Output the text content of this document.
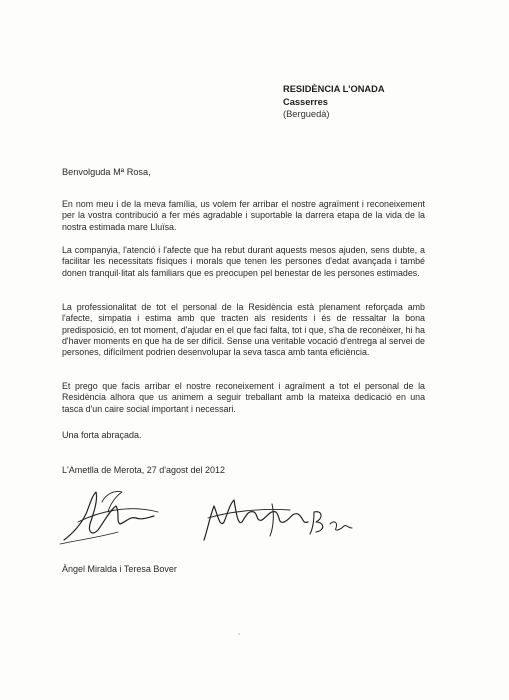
RESIDÈNCIA L'ONADA
Casserres
(Berguedà)
Benvolguda Mª Rosa,
En nom meu i de la meva família, us volem fer arribar el nostre agraïment i reconeixement per la vostra contribució a fer més agradable i suportable la darrera etapa de la vida de la nostra estimada mare Lluïsa.
La companyia, l'atenció i l'afecte que ha rebut durant aquests mesos ajuden, sens dubte, a facilitar les necessitats físiques i morals que tenen les persones d'edat avançada i també donen tranquil·litat als familiars que es preocupen pel benestar de les persones estimades.
La professionalitat de tot el personal de la Residència està plenament reforçada amb l'afecte, simpatia i estima amb que tracten als residents i és de ressaltar la bona predisposició, en tot moment, d'ajudar en el que faci falta, tot i que, s'ha de reconèixer, hi ha d'haver moments en que ha de ser difícil. Sense una veritable vocació d'entrega al servei de persones, difícilment podrien desenvolupar la seva tasca amb tanta eficiència.
Et prego que facis arribar el nostre reconeixement i agraïment a tot el personal de la Residència alhora que us animem a seguir treballant amb la mateixa dedicació en una tasca d'un caire social important i necessari.
Una forta abraçada.
L'Ametlla de Merota, 27 d'agost del 2012
Àngel Miralda i Teresa Bover
